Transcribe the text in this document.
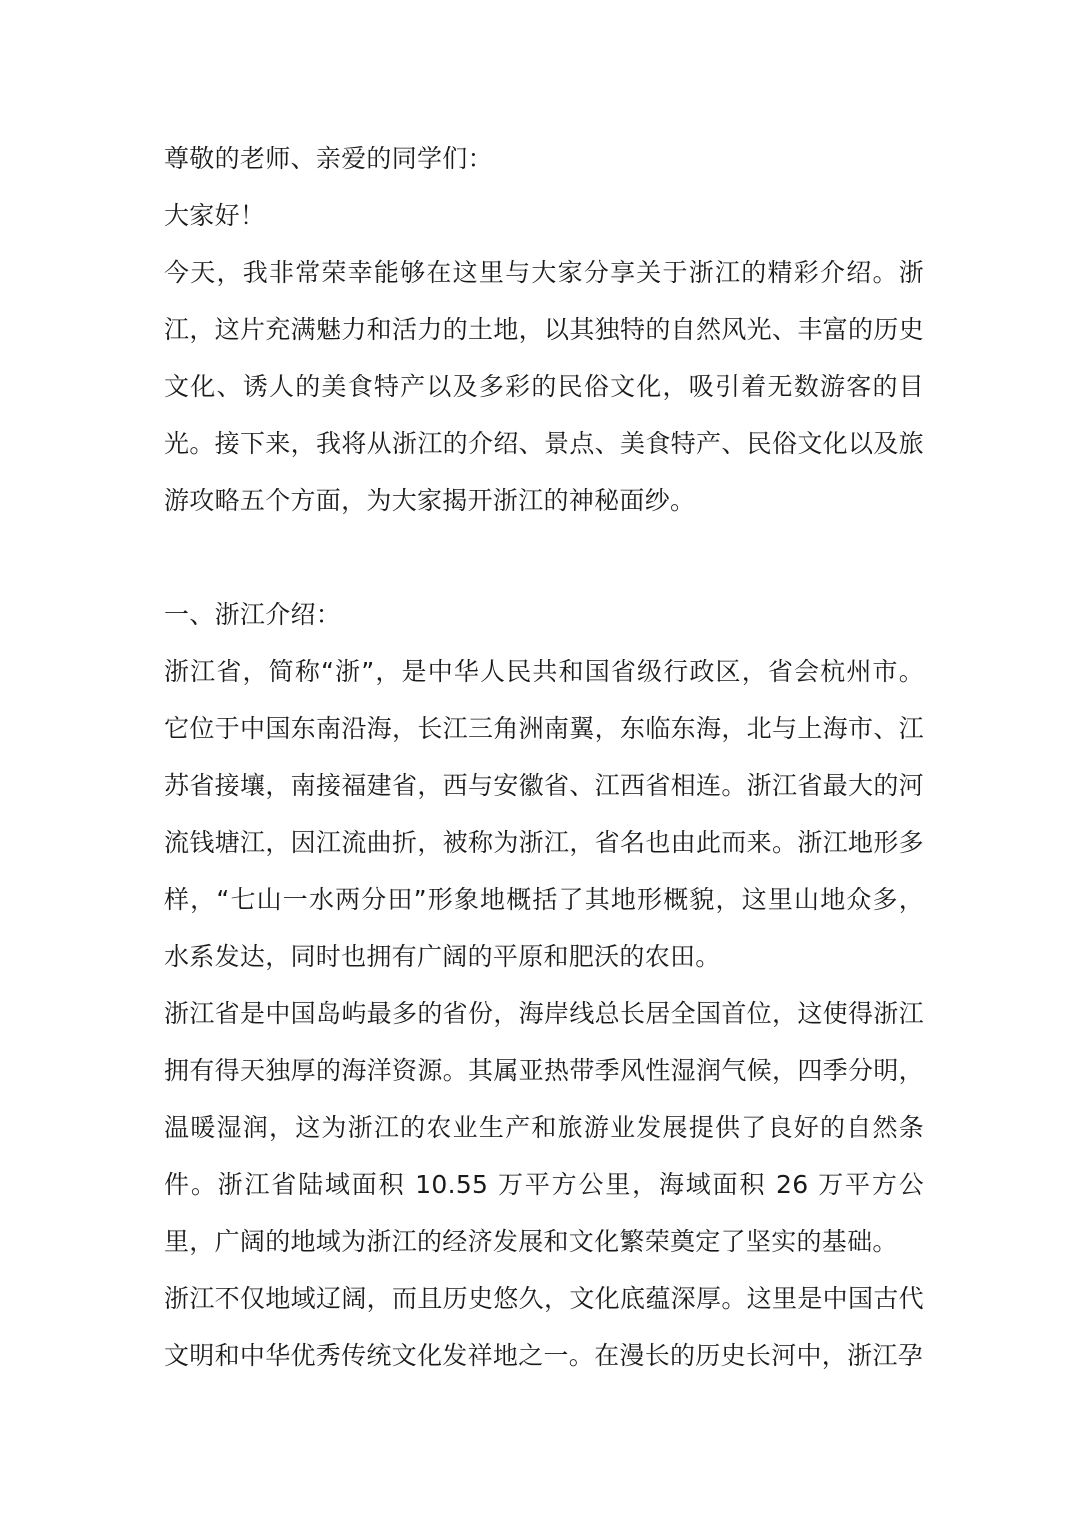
尊敬的老师、亲爱的同学们：

大家好！

今天，我非常荣幸能够在这里与大家分享关于浙江的精彩介绍。浙江，这片充满魅力和活力的土地，以其独特的自然风光、丰富的历史文化、诱人的美食特产以及多彩的民俗文化，吸引着无数游客的目光。接下来，我将从浙江的介绍、景点、美食特产、民俗文化以及旅游攻略五个方面，为大家揭开浙江的神秘面纱。

一、浙江介绍：

浙江省，简称“浙”，是中华人民共和国省级行政区，省会杭州市。它位于中国东南沿海，长江三角洲南翼，东临东海，北与上海市、江苏省接壤，南接福建省，西与安徽省、江西省相连。浙江省最大的河流钱塘江，因江流曲折，被称为浙江，省名也由此而来。浙江地形多样，“七山一水两分田”形象地概括了其地形概貌，这里山地众多，水系发达，同时也拥有广阔的平原和肥沃的农田。

浙江省是中国岛屿最多的省份，海岸线总长居全国首位，这使得浙江拥有得天独厚的海洋资源。其属亚热带季风性湿润气候，四季分明，温暖湿润，这为浙江的农业生产和旅游业发展提供了良好的自然条件。浙江省陆域面积 10.55 万平方公里，海域面积 26 万平方公里，广阔的地域为浙江的经济发展和文化繁荣奠定了坚实的基础。

浙江不仅地域辽阔，而且历史悠久，文化底蕴深厚。这里是中国古代文明和中华优秀传统文化发祥地之一。在漫长的历史长河中，浙江孕
